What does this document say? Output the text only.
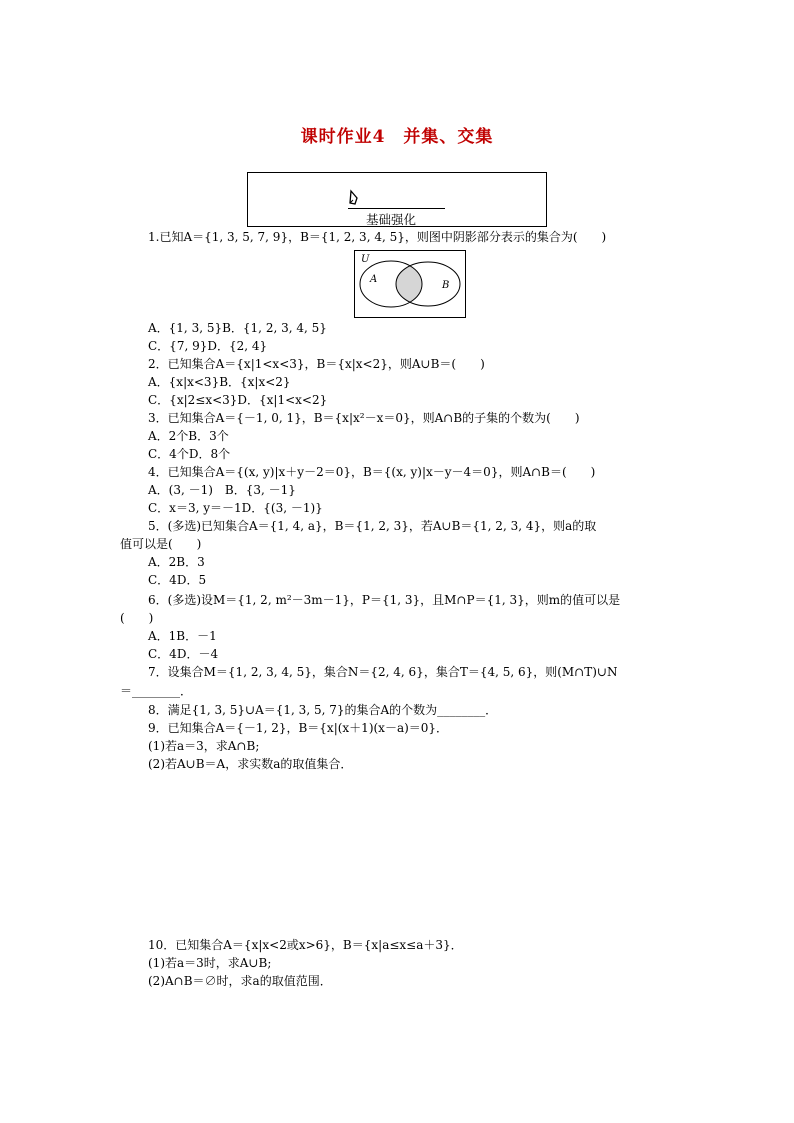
课时作业4　并集、交集
基础强化
U
A
B
1.已知A＝{1, 3, 5, 7, 9}，B＝{1, 2, 3, 4, 5}，则图中阴影部分表示的集合为(　　)
A．{1, 3, 5}B．{1, 2, 3, 4, 5}
C．{7, 9}D．{2, 4}
2．已知集合A＝{x|1<x<3}，B＝{x|x<2}，则A∪B＝(　　)
A．{x|x<3}B．{x|x<2}
C．{x|2≤x<3}D．{x|1<x<2}
3．已知集合A＝{－1, 0, 1}，B＝{x|x²－x＝0}，则A∩B的子集的个数为(　　)
A．2个B．3个
C．4个D．8个
4．已知集合A＝{(x, y)|x＋y－2＝0}，B＝{(x, y)|x－y－4＝0}，则A∩B＝(　　)
A．(3, －1)　B．{3, －1}
C．x＝3, y＝－1D．{(3, －1)}
5．(多选)已知集合A＝{1, 4, a}，B＝{1, 2, 3}，若A∪B＝{1, 2, 3, 4}，则a的取
值可以是(　　)
A．2B．3
C．4D．5
6．(多选)设M＝{1, 2, m²－3m－1}，P＝{1, 3}，且M∩P＝{1, 3}，则m的值可以是
(　　)
A．1B．－1
C．4D．－4
7．设集合M＝{1, 2, 3, 4, 5}，集合N＝{2, 4, 6}，集合T＝{4, 5, 6}，则(M∩T)∪N
＝________．
8．满足{1, 3, 5}∪A＝{1, 3, 5, 7}的集合A的个数为________．
9．已知集合A＝{－1, 2}，B＝{x|(x＋1)(x－a)＝0}．
(1)若a＝3，求A∩B;
(2)若A∪B＝A，求实数a的取值集合．
10．已知集合A＝{x|x<2或x>6}，B＝{x|a≤x≤a＋3}．
(1)若a＝3时，求A∪B;
(2)A∩B＝∅时，求a的取值范围．
